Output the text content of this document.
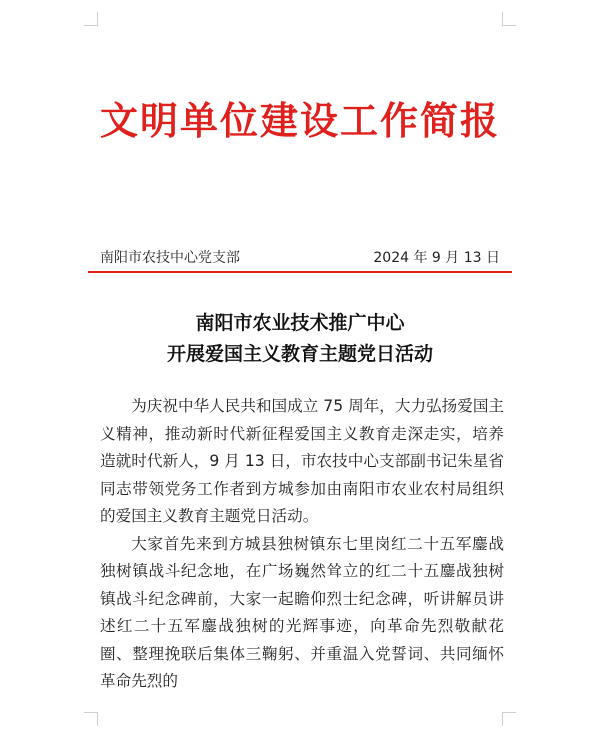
文明单位建设工作简报
南阳市农技中心党支部	2024 年 9 月 13 日
南阳市农业技术推广中心
开展爱国主义教育主题党日活动

为庆祝中华人民共和国成立 75 周年，大力弘扬爱国主义精神，推动新时代新征程爱国主义教育走深走实，培养造就时代新人，9 月 13 日，市农技中心支部副书记朱星省同志带领党务工作者到方城参加由南阳市农业农村局组织的爱国主义教育主题党日活动。

大家首先来到方城县独树镇东七里岗红二十五军鏖战独树镇战斗纪念地，在广场巍然耸立的红二十五鏖战独树镇战斗纪念碑前，大家一起瞻仰烈士纪念碑，听讲解员讲述红二十五军鏖战独树的光辉事迹，向革命先烈敬献花圈、整理挽联后集体三鞠躬、并重温入党誓词、共同缅怀革命先烈的
